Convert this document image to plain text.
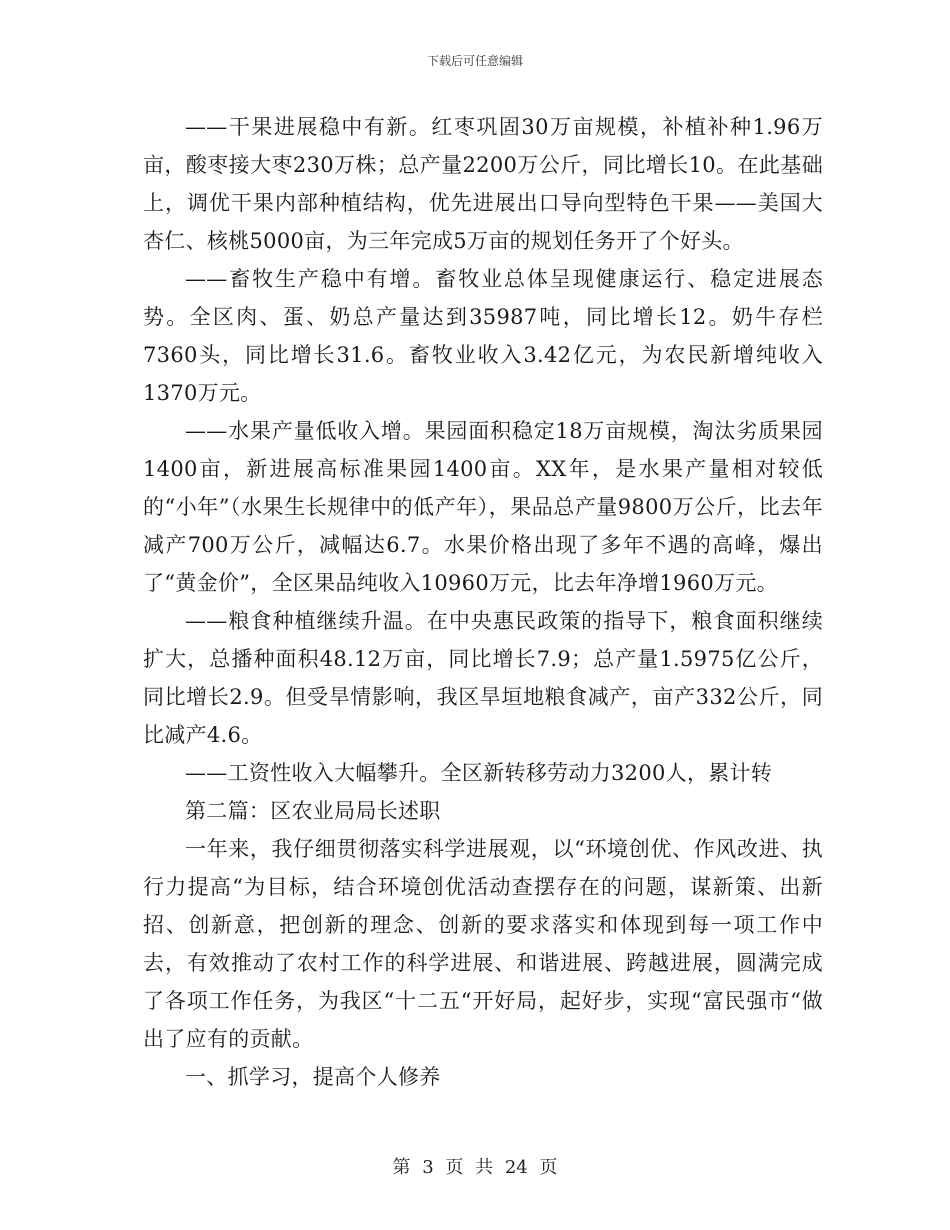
下载后可任意编辑

——干果进展稳中有新。红枣巩固30万亩规模，补植补种1.96万亩，酸枣接大枣230万株；总产量2200万公斤，同比增长10。在此基础上，调优干果内部种植结构，优先进展出口导向型特色干果——美国大杏仁、核桃5000亩，为三年完成5万亩的规划任务开了个好头。

——畜牧生产稳中有增。畜牧业总体呈现健康运行、稳定进展态势。全区肉、蛋、奶总产量达到35987吨，同比增长12。奶牛存栏7360头，同比增长31.6。畜牧业收入3.42亿元，为农民新增纯收入1370万元。

——水果产量低收入增。果园面积稳定18万亩规模，淘汰劣质果园1400亩，新进展高标准果园1400亩。XX年，是水果产量相对较低的“小年”（水果生长规律中的低产年），果品总产量9800万公斤，比去年减产700万公斤，减幅达6.7。水果价格出现了多年不遇的高峰，爆出了“黄金价”，全区果品纯收入10960万元，比去年净增1960万元。

——粮食种植继续升温。在中央惠民政策的指导下，粮食面积继续扩大，总播种面积48.12万亩，同比增长7.9；总产量1.5975亿公斤，同比增长2.9。但受旱情影响，我区旱垣地粮食减产，亩产332公斤，同比减产4.6。

——工资性收入大幅攀升。全区新转移劳动力3200人，累计转

第二篇：区农业局局长述职

一年来，我仔细贯彻落实科学进展观，以“环境创优、作风改进、执行力提高“为目标，结合环境创优活动查摆存在的问题，谋新策、出新招、创新意，把创新的理念、创新的要求落实和体现到每一项工作中去，有效推动了农村工作的科学进展、和谐进展、跨越进展，圆满完成了各项工作任务，为我区“十二五“开好局，起好步，实现“富民强市“做出了应有的贡献。

一、抓学习，提高个人修养

第 3 页 共 24 页
